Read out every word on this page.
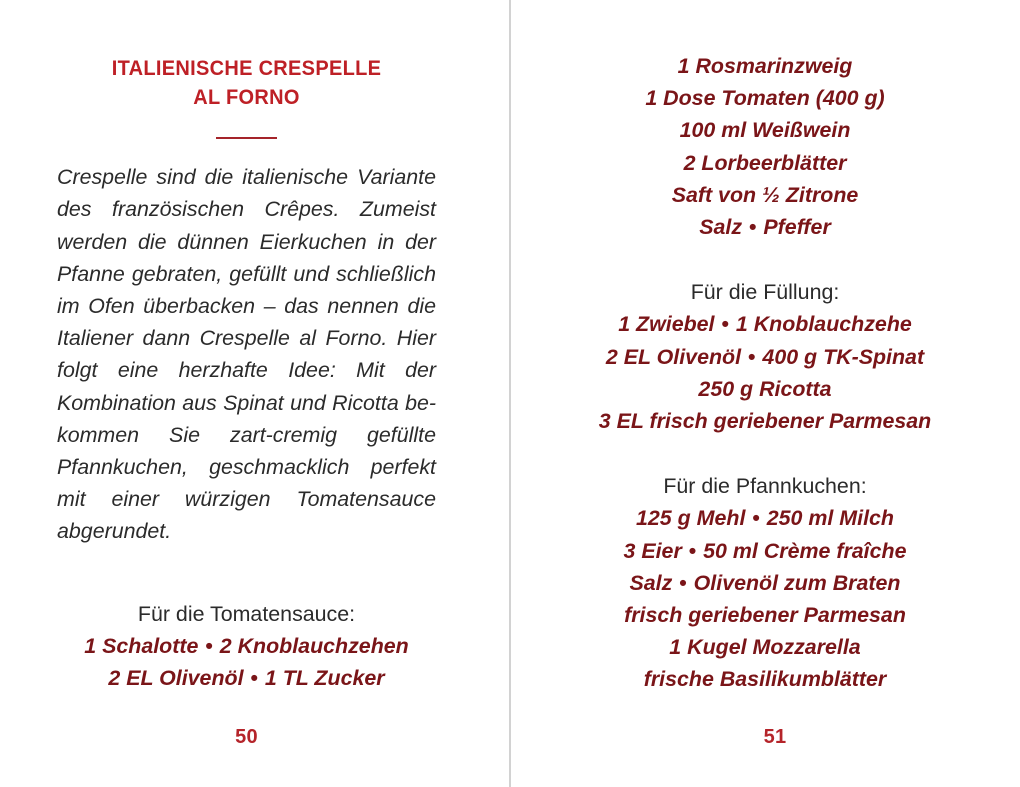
ITALIENISCHE CRESPELLE
AL FORNO

Crespelle sind die italienische Variante des französischen Crêpes. Zumeist werden die dünnen Eierkuchen in der Pfanne gebraten, gefüllt und schließlich im Ofen überbacken – das nennen die Italiener dann Crespelle al Forno. Hier folgt eine herzhafte Idee: Mit der Kombination aus Spinat und Ricotta bekommen Sie zart-cremig gefüllte Pfannkuchen, geschmacklich perfekt mit einer würzigen Tomatensauce abgerundet.

Für die Tomatensauce:

1 Schalotte • 2 Knoblauchzehen

2 EL Olivenöl • 1 TL Zucker

50

1 Rosmarinzweig

1 Dose Tomaten (400 g)

100 ml Weißwein

2 Lorbeerblätter

Saft von ½ Zitrone

Salz • Pfeffer

Für die Füllung:

1 Zwiebel • 1 Knoblauchzehe

2 EL Olivenöl • 400 g TK-Spinat

250 g Ricotta

3 EL frisch geriebener Parmesan

Für die Pfannkuchen:

125 g Mehl • 250 ml Milch

3 Eier • 50 ml Crème fraîche

Salz • Olivenöl zum Braten

frisch geriebener Parmesan

1 Kugel Mozzarella

frische Basilikumblätter

51
